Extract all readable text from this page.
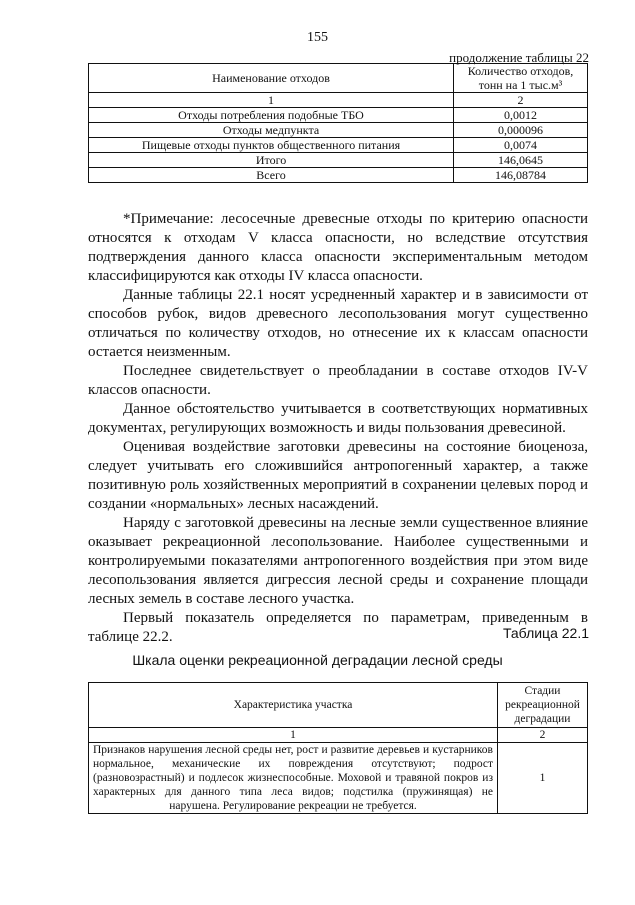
155
продолжение таблицы 22
Наименование отходов	Количество отходов,
тонн на 1 тыс.м³

1	2
Отходы потребления подобные ТБО	0,0012
Отходы медпункта	0,000096
Пищевые отходы пунктов общественного питания	0,0074
Итого	146,0645
Всего	146,08784

*Примечание: лесосечные древесные отходы по критерию опасности относятся к отходам V класса опасности, но вследствие отсутствия подтверждения данного класса опасности экспериментальным методом классифицируются как отходы IV класса опасности.

Данные таблицы 22.1 носят усредненный характер и в зависимости от способов рубок, видов древесного лесопользования могут существенно отличаться по количеству отходов, но отнесение их к классам опасности остается неизменным.

Последнее свидетельствует о преобладании в составе отходов IV-V классов опасности.

Данное обстоятельство учитывается в соответствующих нормативных документах, регулирующих возможность и виды пользования древесиной.

Оценивая воздействие заготовки древесины на состояние биоценоза, следует учитывать его сложившийся антропогенный характер, а также позитивную роль хозяйственных мероприятий в сохранении целевых пород и создании «нормальных» лесных насаждений.

Наряду с заготовкой древесины на лесные земли существенное влияние оказывает рекреационной лесопользование. Наиболее существенными и контролируемыми показателями антропогенного воздействия при этом виде лесопользования является дигрессия лесной среды и сохранение площади лесных земель в составе лесного участка.

Первый показатель определяется по параметрам, приведенным в таблице 22.2.	Таблица 22.1
Шкала оценки рекреационной деградации лесной среды
Характеристика участка	Стадии рекреационной деградации
1	2
Признаков нарушения лесной среды нет, рост и развитие деревьев и кустарников нормальное, механические их повреждения отсутствуют; подрост (разновозрастный) и подлесок жизнеспособные. Моховой и травяной покров из характерных для данного типа леса видов; подстилка (пружинящая) не нарушена. Регулирование рекреации не требуется.	1
